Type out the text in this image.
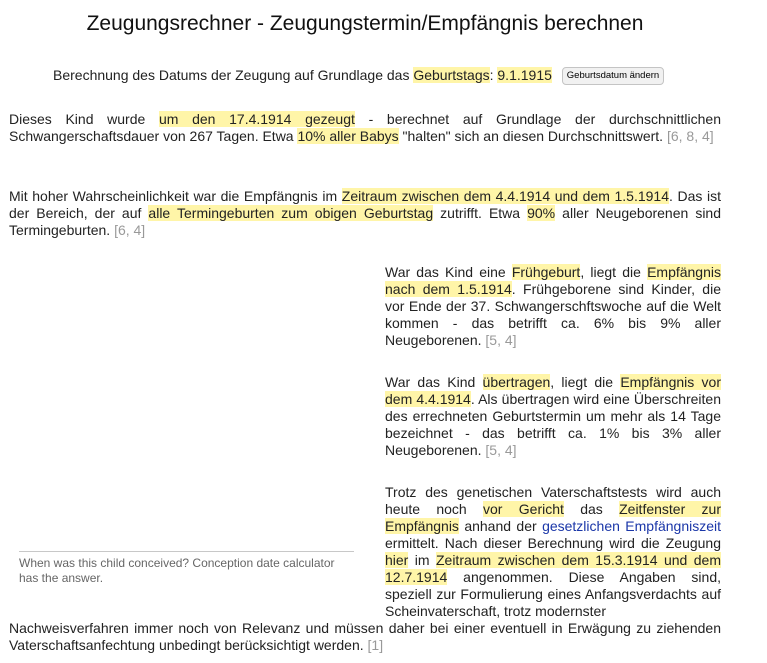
Zeugungsrechner - Zeugungstermin/Empfängnis berechnen
Berechnung des Datums der Zeugung auf Grundlage das Geburtstags: 9.1.1915 Geburtsdatum ändern

Dieses Kind wurde um den 17.4.1914 gezeugt - berechnet auf Grundlage der durchschnittlichen Schwangerschaftsdauer von 267 Tagen. Etwa 10% aller Babys "halten" sich an diesen Durchschnittswert. [6, 8, 4]

Mit hoher Wahrscheinlichkeit war die Empfängnis im Zeitraum zwischen dem 4.4.1914 und dem 1.5.1914. Das ist der Bereich, der auf alle Termingeburten zum obigen Geburtstag zutrifft. Etwa 90% aller Neugeborenen sind Termingeburten. [6, 4]

War das Kind eine Frühgeburt, liegt die Empfängnis nach dem 1.5.1914. Frühgeborene sind Kinder, die vor Ende der 37. Schwangerschftswoche auf die Welt kommen - das betrifft ca. 6% bis 9% aller Neugeborenen. [5, 4]

War das Kind übertragen, liegt die Empfängnis vor dem 4.4.1914. Als übertragen wird eine Überschreiten des errechneten Geburtstermin um mehr als 14 Tage bezeichnet - das betrifft ca. 1% bis 3% aller Neugeborenen. [5, 4]

Trotz des genetischen Vaterschaftstests wird auch heute noch vor Gericht das Zeitfenster zur Empfängnis anhand der gesetzlichen Empfängniszeit ermittelt. Nach dieser Berechnung wird die Zeugung hier im Zeitraum zwischen dem 15.3.1914 und dem 12.7.1914 angenommen. Diese Angaben sind, speziell zur Formulierung eines Anfangsverdachts auf Scheinvaterschaft, trotz modernster

Nachweisverfahren immer noch von Relevanz und müssen daher bei einer eventuell in Erwägung zu ziehenden Vaterschaftsanfechtung unbedingt berücksichtigt werden. [1]

When was this child conceived? Conception date calculator has the answer.
